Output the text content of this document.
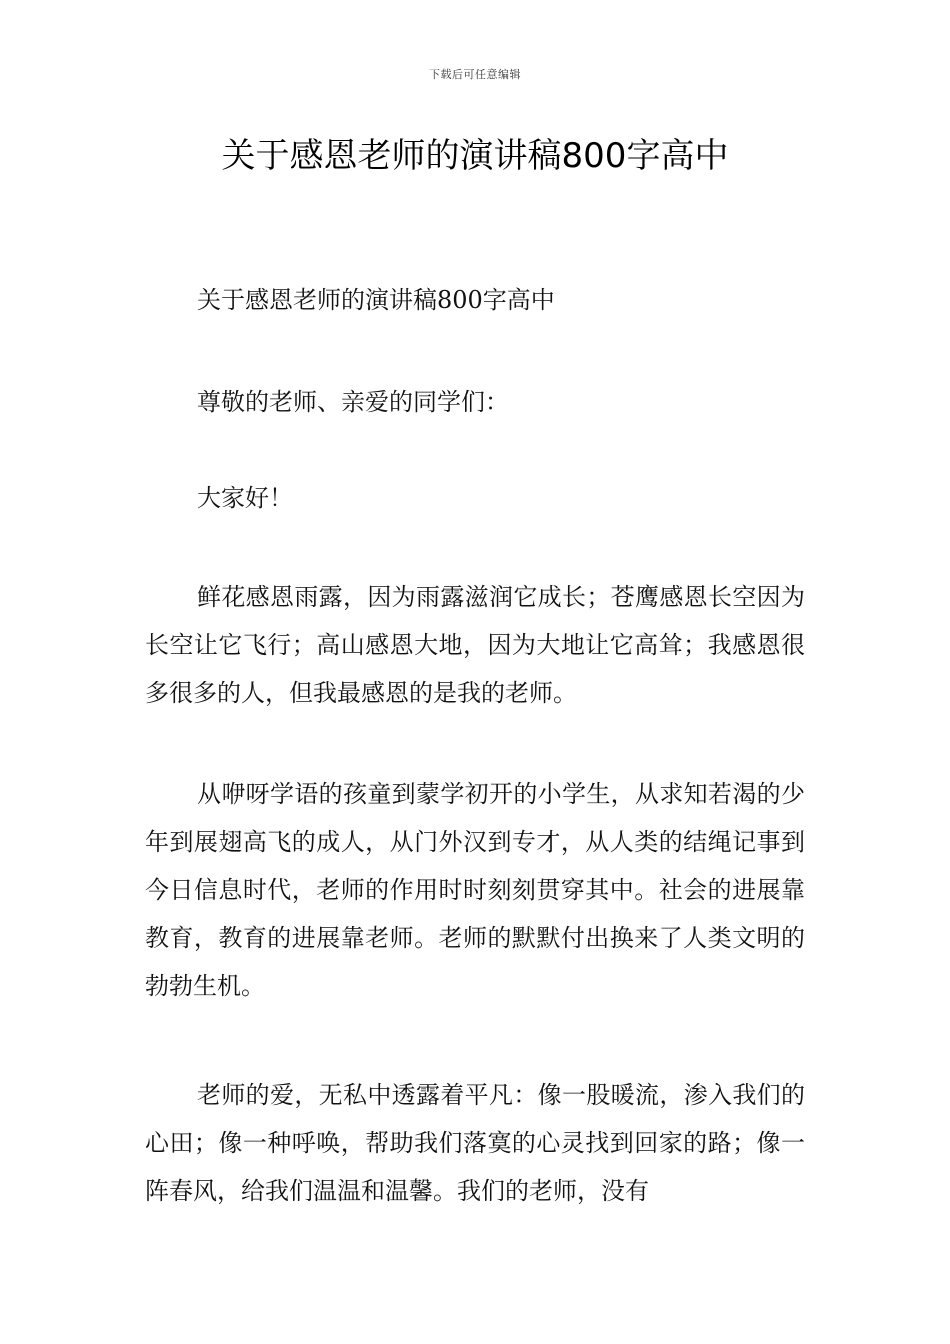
下载后可任意编辑
关于感恩老师的演讲稿800字高中

关于感恩老师的演讲稿800字高中

尊敬的老师、亲爱的同学们：

大家好！

鲜花感恩雨露，因为雨露滋润它成长；苍鹰感恩长空因为长空让它飞行；高山感恩大地，因为大地让它高耸；我感恩很多很多的人，但我最感恩的是我的老师。

从咿呀学语的孩童到蒙学初开的小学生，从求知若渴的少年到展翅高飞的成人，从门外汉到专才，从人类的结绳记事到今日信息时代，老师的作用时时刻刻贯穿其中。社会的进展靠教育，教育的进展靠老师。老师的默默付出换来了人类文明的勃勃生机。

老师的爱，无私中透露着平凡：像一股暖流，渗入我们的心田；像一种呼唤，帮助我们落寞的心灵找到回家的路；像一阵春风，给我们温温和温馨。我们的老师，没有
